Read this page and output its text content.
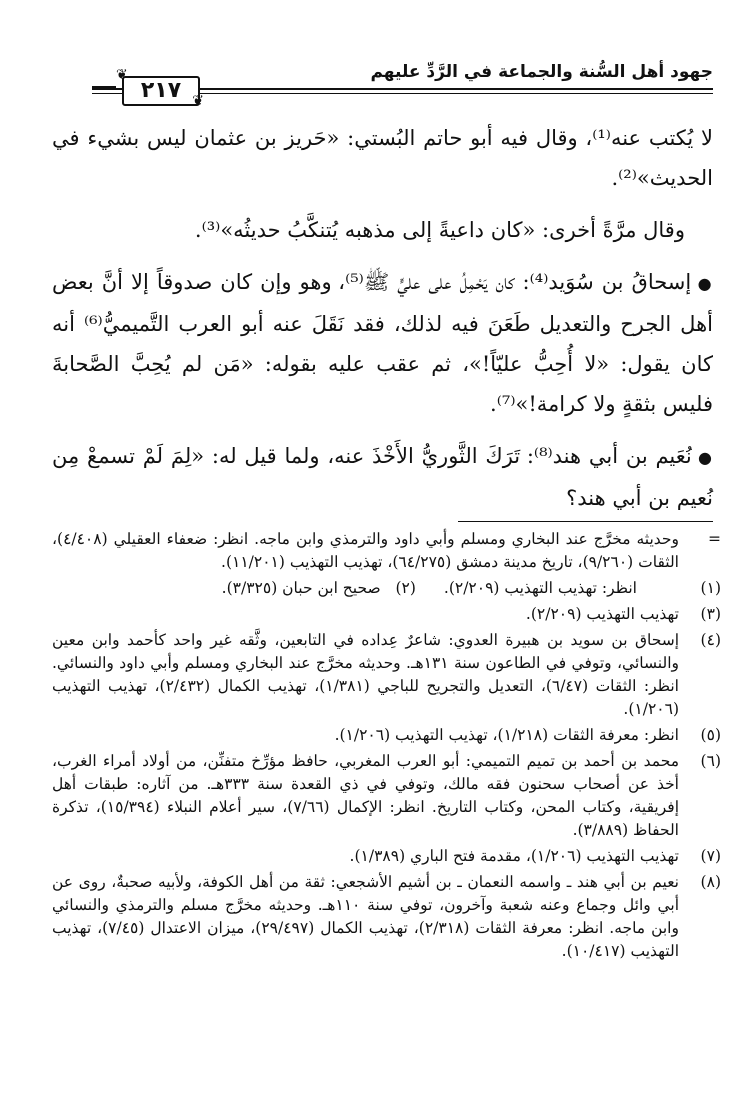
جهود أهل السُّنة والجماعة في الرَّدِّ عليهم
❦
❦
٢١٧

لا يُكتب عنه⁽¹⁾، وقال فيه أبو حاتم البُستي: «حَريز بن عثمان ليس بشيء في الحديث»⁽²⁾.

وقال مرَّةً أخرى: «كان داعيةً إلى مذهبه يُتنكَّبُ حديثُه»⁽³⁾.

● إسحاقُ بن سُوَيد⁽⁴⁾: كان يَحْمِلُ على عليٍّ ﷺ⁽⁵⁾، وهو وإن كان صدوقاً إلا أنَّ بعض أهل الجرح والتعديل طَعَنَ فيه لذلك، فقد نَقَلَ عنه أبو العرب التَّميميُّ⁽⁶⁾ أنه كان يقول: «لا أُحِبُّ عليّاً!»، ثم عقب عليه بقوله: «مَن لم يُحِبَّ الصَّحابةَ فليس بثقةٍ ولا كرامة!»⁽⁷⁾.

● نُعَيم بن أبي هند⁽⁸⁾: تَرَكَ الثَّوريُّ الأَخْذَ عنه، ولما قيل له: «لِمَ لَمْ تسمعْ مِن نُعيم بن أبي هند؟

=
وحديثه مخرَّج عند البخاري ومسلم وأبي داود والترمذي وابن ماجه. انظر: ضعفاء العقيلي (٤/٤٠٨)، الثقات (٩/٢٦٠)، تاريخ مدينة دمشق (٦٤/٢٧٥)، تهذيب التهذيب (١١/٢٠١).
(١)
انظر: تهذيب التهذيب (٢/٢٠٩).
(٢)   صحيح ابن حبان (٣/٣٢٥).
(٣)
تهذيب التهذيب (٢/٢٠٩).
(٤)
إسحاق بن سويد بن هبيرة العدوي: شاعرٌ عِداده في التابعين، وثَّقه غير واحد كأحمد وابن معين والنسائي، وتوفي في الطاعون سنة ١٣١هـ. وحديثه مخرَّج عند البخاري ومسلم وأبي داود والنسائي. انظر: الثقات (٦/٤٧)، التعديل والتجريح للباجي (١/٣٨١)، تهذيب الكمال (٢/٤٣٢)، تهذيب التهذيب (١/٢٠٦).
(٥)
انظر: معرفة الثقات (١/٢١٨)، تهذيب التهذيب (١/٢٠٦).
(٦)
محمد بن أحمد بن تميم التميمي: أبو العرب المغربي، حافظ مؤرِّخ متفنِّن، من أولاد أمراء الغرب، أخذ عن أصحاب سحنون فقه مالك، وتوفي في ذي القعدة سنة ٣٣٣هـ. من آثاره: طبقات أهل إفريقية، وكتاب المحن، وكتاب التاريخ. انظر: الإكمال (٧/٦٦)، سير أعلام النبلاء (١٥/٣٩٤)، تذكرة الحفاظ (٣/٨٨٩).
(٧)
تهذيب التهذيب (١/٢٠٦)، مقدمة فتح الباري (١/٣٨٩).
(٨)
نعيم بن أبي هند ـ واسمه النعمان ـ بن أشيم الأشجعي: ثقة من أهل الكوفة، ولأبيه صحبةٌ، روى عن أبي وائل وجماع وعنه شعبة وآخرون، توفي سنة ١١٠هـ. وحديثه مخرَّج مسلم والترمذي والنسائي وابن ماجه. انظر: معرفة الثقات (٢/٣١٨)، تهذيب الكمال (٢٩/٤٩٧)، ميزان الاعتدال (٧/٤٥)، تهذيب التهذيب (١٠/٤١٧).
